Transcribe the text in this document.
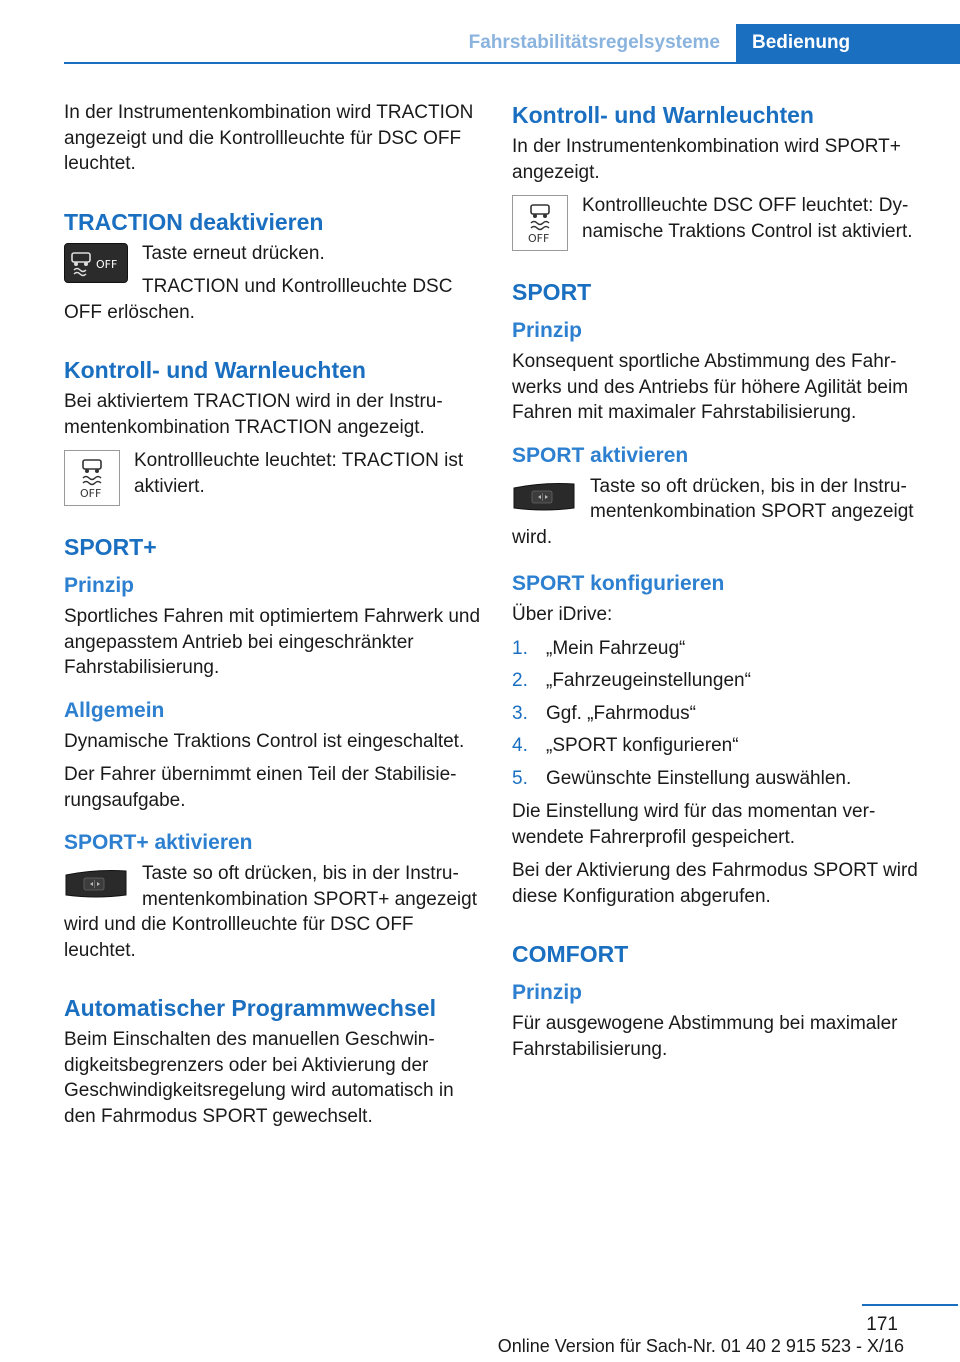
Fahrstabilitätsregelsysteme	Bedienung

In der Instrumentenkombination wird TRACTION angezeigt und die Kontrollleuchte für DSC OFF leuchtet.

TRACTION deaktivieren
OFF

Taste erneut drücken.

TRACTION und Kontrollleuchte DSC OFF erlöschen.

Kontroll- und Warnleuchten

Bei aktiviertem TRACTION wird in der Instrumentenkombination TRACTION angezeigt.

OFF

Kontrollleuchte leuchtet: TRACTION ist aktiviert.

SPORT+
Prinzip

Sportliches Fahren mit optimiertem Fahrwerk und angepasstem Antrieb bei eingeschränkter Fahrstabilisierung.

Allgemein

Dynamische Traktions Control ist eingeschaltet.

Der Fahrer übernimmt einen Teil der Stabilisierungsaufgabe.

SPORT+ aktivieren

Taste so oft drücken, bis in der Instrumentenkombination SPORT+ angezeigt wird und die Kontrollleuchte für DSC OFF leuchtet.

Automatischer Programmwechsel

Beim Einschalten des manuellen Geschwindigkeitsbegrenzers oder bei Aktivierung der Geschwindigkeitsregelung wird automatisch in den Fahrmodus SPORT gewechselt.

Kontroll- und Warnleuchten

In der Instrumentenkombination wird SPORT+ angezeigt.

OFF

Kontrollleuchte DSC OFF leuchtet: Dynamische Traktions Control ist aktiviert.

SPORT
Prinzip

Konsequent sportliche Abstimmung des Fahrwerks und des Antriebs für höhere Agilität beim Fahren mit maximaler Fahrstabilisierung.

SPORT aktivieren

Taste so oft drücken, bis in der Instrumentenkombination SPORT angezeigt wird.

SPORT konfigurieren

Über iDrive:

1. „Mein Fahrzeug“
2. „Fahrzeugeinstellungen“
3. Ggf. „Fahrmodus“
4. „SPORT konfigurieren“
5. Gewünschte Einstellung auswählen.

Die Einstellung wird für das momentan verwendete Fahrerprofil gespeichert.

Bei der Aktivierung des Fahrmodus SPORT wird diese Konfiguration abgerufen.

COMFORT
Prinzip

Für ausgewogene Abstimmung bei maximaler Fahrstabilisierung.

171
Online Version für Sach-Nr. 01 40 2 915 523 - X/16
